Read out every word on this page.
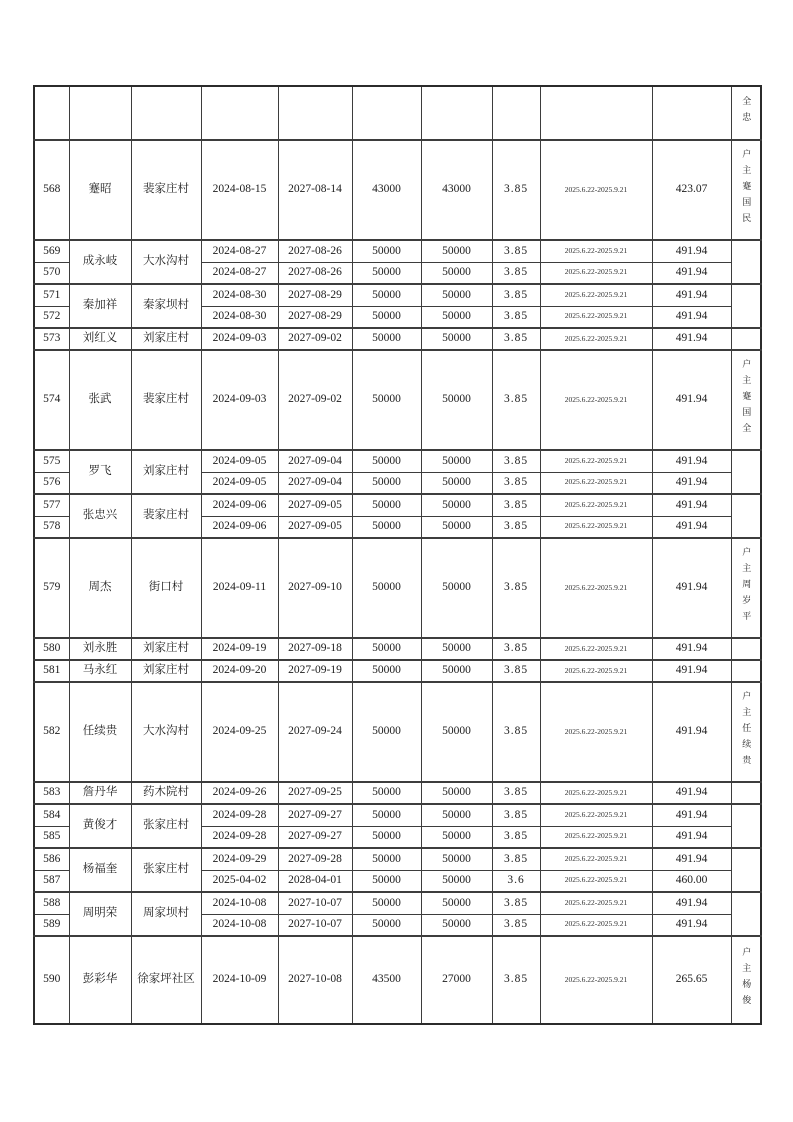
										全忠
568	蹇昭	裴家庄村	2024-08-15	2027-08-14	43000	43000	3.85	2025.6.22-2025.9.21	423.07	户主蹇国民
569	成永岐	大水沟村	2024-08-27	2027-08-26	50000	50000	3.85	2025.6.22-2025.9.21	491.94	
570			2024-08-27	2027-08-26	50000	50000	3.85	2025.6.22-2025.9.21	491.94	
571	秦加祥	秦家坝村	2024-08-30	2027-08-29	50000	50000	3.85	2025.6.22-2025.9.21	491.94	
572			2024-08-30	2027-08-29	50000	50000	3.85	2025.6.22-2025.9.21	491.94	
573	刘红义	刘家庄村	2024-09-03	2027-09-02	50000	50000	3.85	2025.6.22-2025.9.21	491.94	
574	张武	裴家庄村	2024-09-03	2027-09-02	50000	50000	3.85	2025.6.22-2025.9.21	491.94	户主蹇国全
575	罗飞	刘家庄村	2024-09-05	2027-09-04	50000	50000	3.85	2025.6.22-2025.9.21	491.94	
576			2024-09-05	2027-09-04	50000	50000	3.85	2025.6.22-2025.9.21	491.94	
577	张忠兴	裴家庄村	2024-09-06	2027-09-05	50000	50000	3.85	2025.6.22-2025.9.21	491.94	
578			2024-09-06	2027-09-05	50000	50000	3.85	2025.6.22-2025.9.21	491.94	
579	周杰	街口村	2024-09-11	2027-09-10	50000	50000	3.85	2025.6.22-2025.9.21	491.94	户主周岁平
580	刘永胜	刘家庄村	2024-09-19	2027-09-18	50000	50000	3.85	2025.6.22-2025.9.21	491.94	
581	马永红	刘家庄村	2024-09-20	2027-09-19	50000	50000	3.85	2025.6.22-2025.9.21	491.94	
582	任续贵	大水沟村	2024-09-25	2027-09-24	50000	50000	3.85	2025.6.22-2025.9.21	491.94	户主任续贵
583	詹丹华	药木院村	2024-09-26	2027-09-25	50000	50000	3.85	2025.6.22-2025.9.21	491.94	
584	黄俊才	张家庄村	2024-09-28	2027-09-27	50000	50000	3.85	2025.6.22-2025.9.21	491.94	
585			2024-09-28	2027-09-27	50000	50000	3.85	2025.6.22-2025.9.21	491.94	
586	杨福奎	张家庄村	2024-09-29	2027-09-28	50000	50000	3.85	2025.6.22-2025.9.21	491.94	
587			2025-04-02	2028-04-01	50000	50000	3.6	2025.6.22-2025.9.21	460.00	
588	周明荣	周家坝村	2024-10-08	2027-10-07	50000	50000	3.85	2025.6.22-2025.9.21	491.94	
589			2024-10-08	2027-10-07	50000	50000	3.85	2025.6.22-2025.9.21	491.94	
590	彭彩华	徐家坪社区	2024-10-09	2027-10-08	43500	27000	3.85	2025.6.22-2025.9.21	265.65	户主杨俊
